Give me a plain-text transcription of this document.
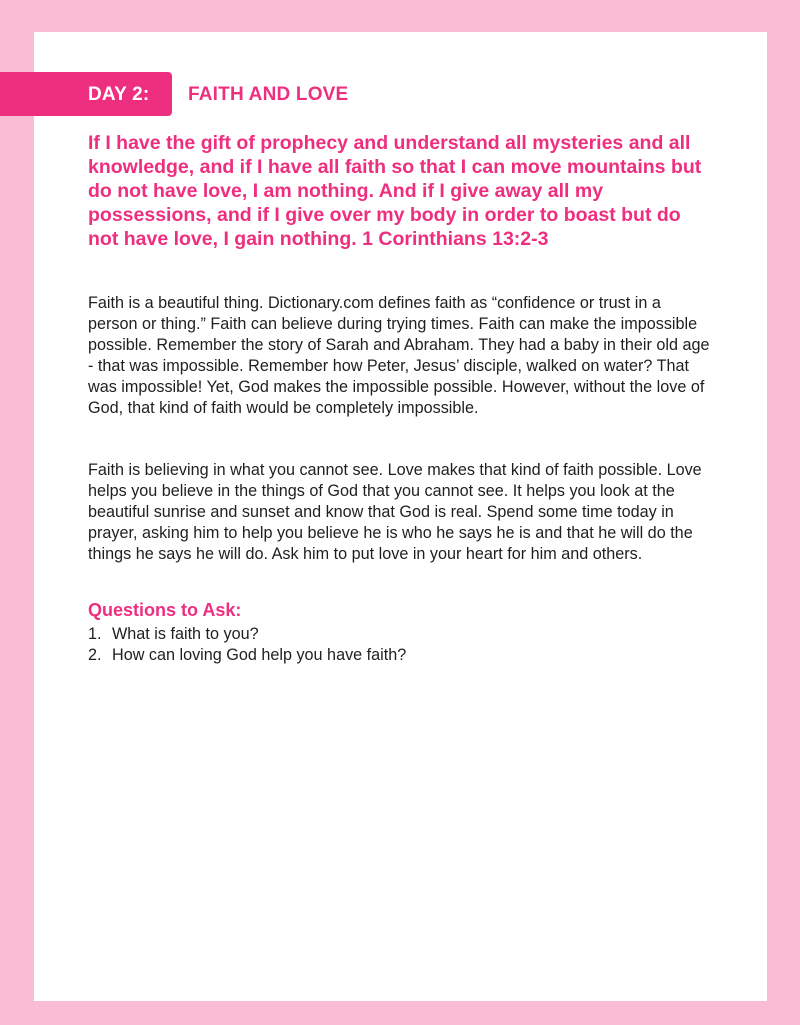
DAY 2: FAITH AND LOVE

If I have the gift of prophecy and understand all mysteries and all knowledge, and if I have all faith so that I can move mountains but do not have love, I am nothing. And if I give away all my possessions, and if I give over my body in order to boast but do not have love, I gain nothing. 1 Corinthians 13:2-3

Faith is a beautiful thing. Dictionary.com defines faith as “confidence or trust in a person or thing.” Faith can believe during trying times. Faith can make the impossible possible. Remember the story of Sarah and Abraham. They had a baby in their old age - that was impossible. Remember how Peter, Jesus’ disciple, walked on water? That was impossible! Yet, God makes the impossible possible. However, without the love of God, that kind of faith would be completely impossible.

Faith is believing in what you cannot see. Love makes that kind of faith possible. Love helps you believe in the things of God that you cannot see. It helps you look at the beautiful sunrise and sunset and know that God is real. Spend some time today in prayer, asking him to help you believe he is who he says he is and that he will do the things he says he will do. Ask him to put love in your heart for him and others.

Questions to Ask:
1. What is faith to you?
2. How can loving God help you have faith?
